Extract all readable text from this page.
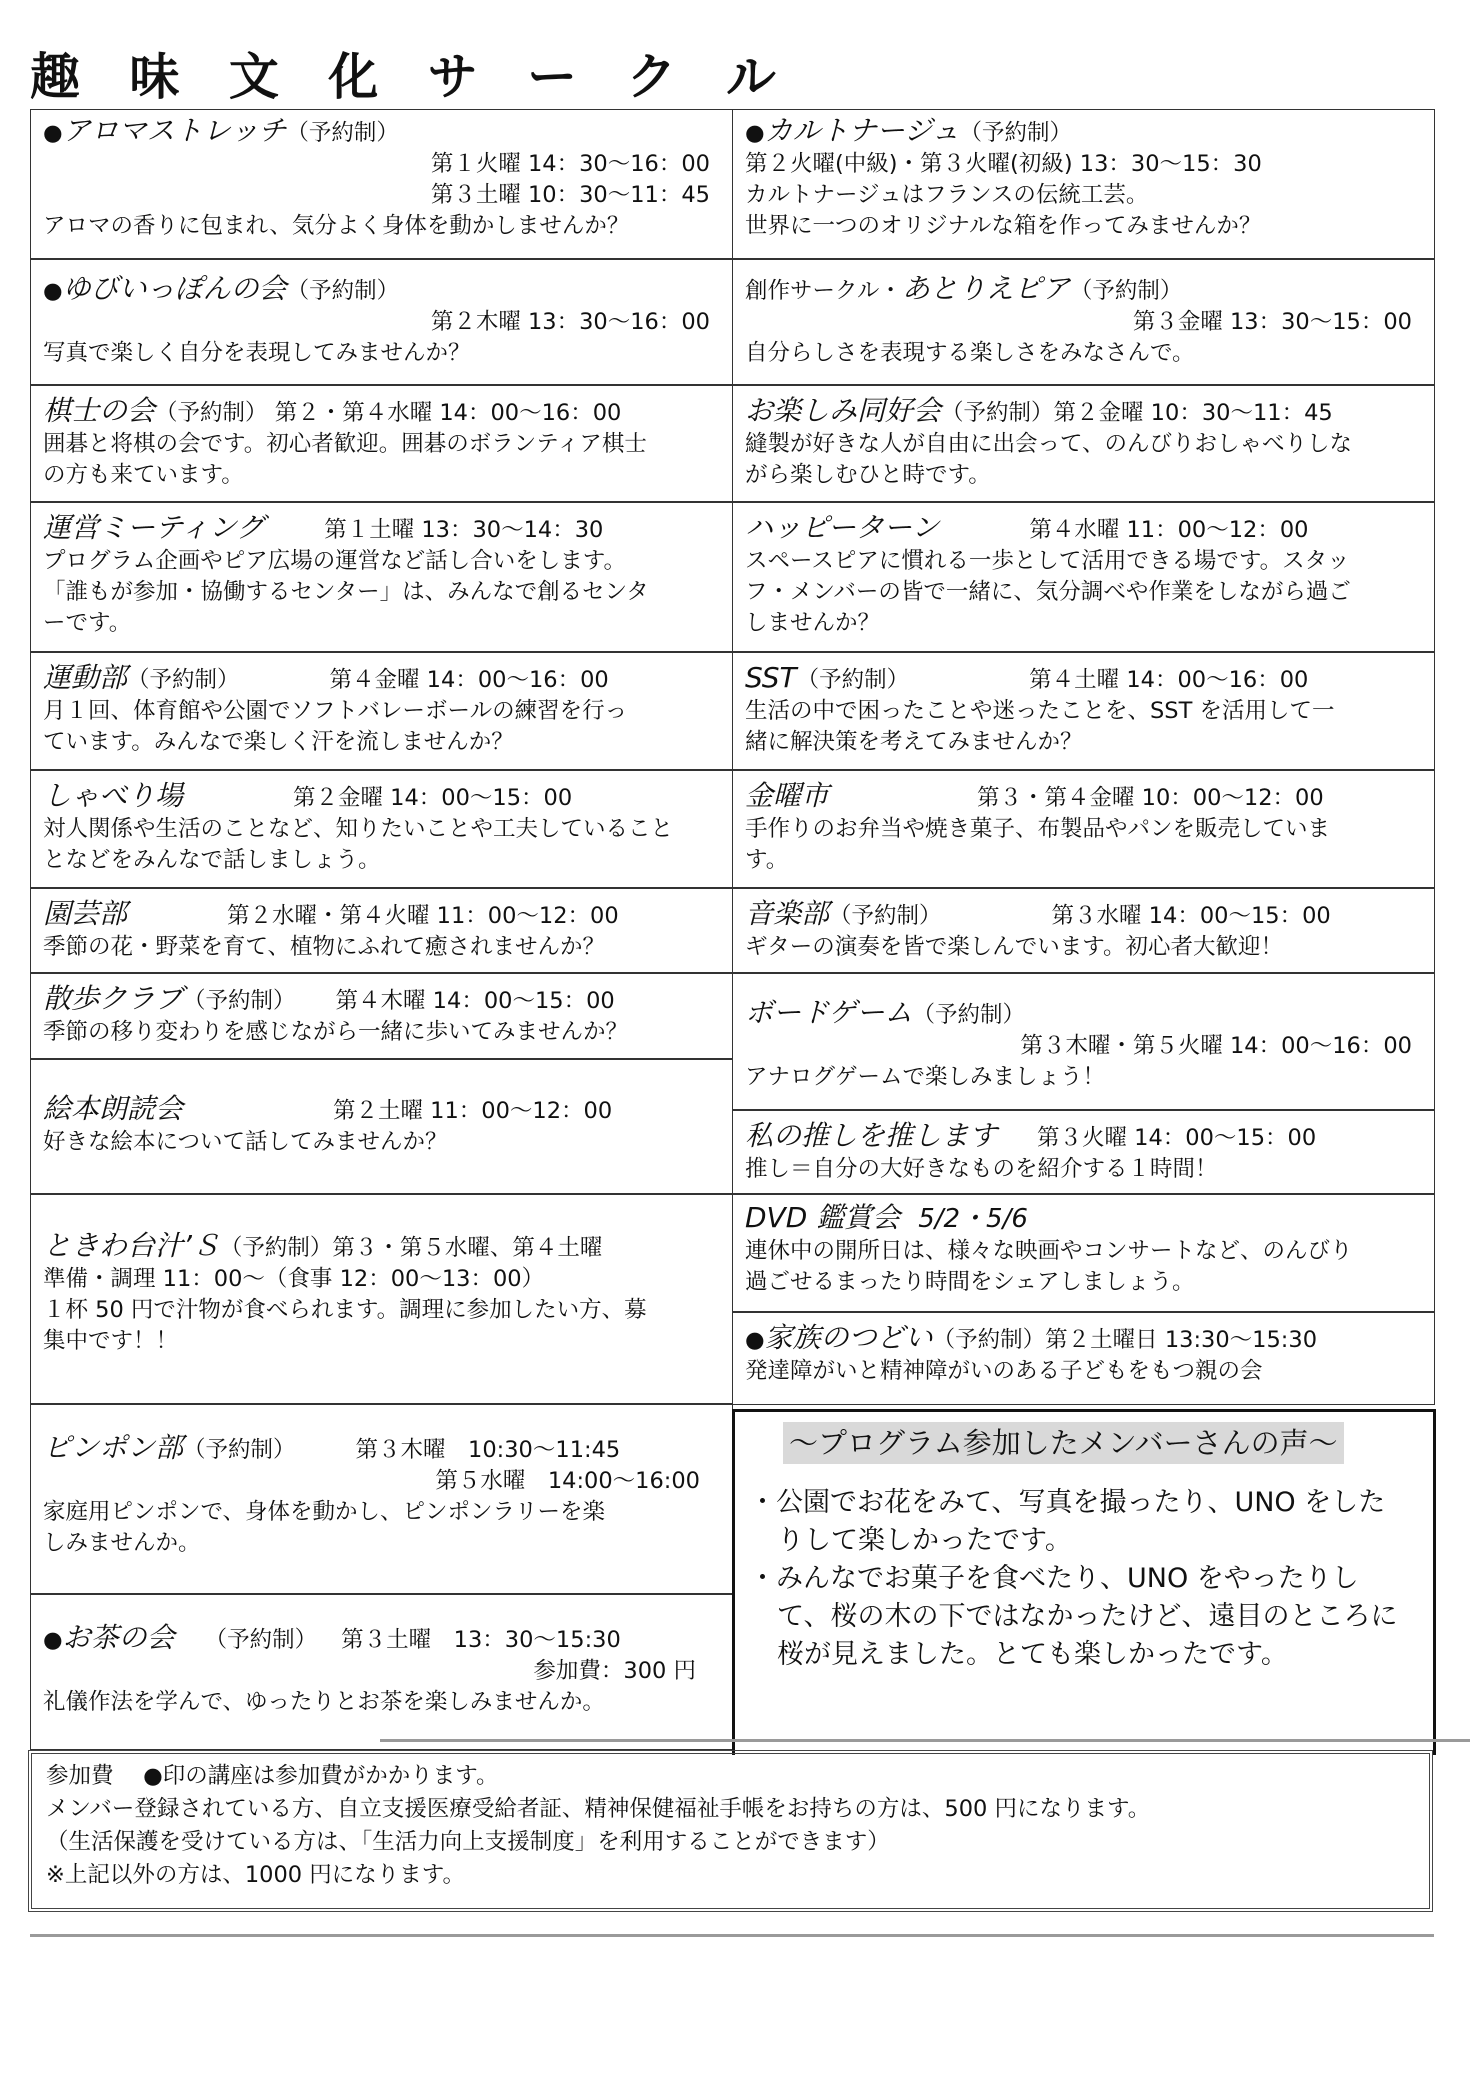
趣 味 文 化 サ ー ク ル
●アロマストレッチ（予約制）
第１火曜 14：30～16：00
第３土曜 10：30～11：45
アロマの香りに包まれ、気分よく身体を動かしませんか？
●ゆびいっぽんの会（予約制）
第２木曜 13：30～16：00
写真で楽しく自分を表現してみませんか？
棋士の会（予約制） 第２・第４水曜 14：00～16：00
囲碁と将棋の会です。初心者歓迎。囲碁のボランティア棋士
の方も来ています。
運営ミーティング	第１土曜 13：30～14：30
プログラム企画やピア広場の運営など話し合いをします。
「誰もが参加・協働するセンター」は、みんなで創るセンタ
ーです。
運動部（予約制）	第４金曜 14：00～16：00
月１回、体育館や公園でソフトバレーボールの練習を行っ
ています。みんなで楽しく汗を流しませんか？
しゃべり場	第２金曜 14：00～15：00
対人関係や生活のことなど、知りたいことや工夫していること
となどをみんなで話しましょう。
園芸部	第２水曜・第４火曜 11：00～12：00
季節の花・野菜を育て、植物にふれて癒されませんか？
散歩クラブ（予約制） 第４木曜 14：00～15：00
季節の移り変わりを感じながら一緒に歩いてみませんか？
絵本朗読会	第２土曜 11：00～12：00
好きな絵本について話してみませんか？
ときわ台汁’Ｓ（予約制）第３・第５水曜、第４土曜
準備・調理 11：00～（食事 12：00～13：00）
１杯 50 円で汁物が食べられます。調理に参加したい方、募
集中です！！
ピンポン部（予約制）	第３木曜　10:30～11:45
第５水曜　14:00～16:00
家庭用ピンポンで、身体を動かし、ピンポンラリーを楽
しみませんか。
●お茶の会 （予約制） 第３土曜　13：30～15:30
参加費：300 円
礼儀作法を学んで、ゆったりとお茶を楽しみませんか。
●カルトナージュ（予約制）
第２火曜(中級)・第３火曜(初級) 13：30～15：30
カルトナージュはフランスの伝統工芸。
世界に一つのオリジナルな箱を作ってみませんか？
創作サークル・あとりえピア（予約制）
第３金曜 13：30～15：00
自分らしさを表現する楽しさをみなさんで。
お楽しみ同好会（予約制）第２金曜 10：30～11：45
縫製が好きな人が自由に出会って、のんびりおしゃべりしな
がら楽しむひと時です。
ハッピーターン	第４水曜 11：00～12：00
スペースピアに慣れる一歩として活用できる場です。スタッ
フ・メンバーの皆で一緒に、気分調べや作業をしながら過ご
しませんか？
SST（予約制）	第４土曜 14：00～16：00
生活の中で困ったことや迷ったことを、SST を活用して一
緒に解決策を考えてみませんか？
金曜市	第３・第４金曜 10：00～12：00
手作りのお弁当や焼き菓子、布製品やパンを販売していま
す。
音楽部（予約制）	第３水曜 14：00～15：00
ギターの演奏を皆で楽しんでいます。初心者大歓迎！
ボードゲーム（予約制）
第３木曜・第５火曜 14：00～16：00
アナログゲームで楽しみましょう！
私の推しを推します 第３火曜 14：00～15：00
推し＝自分の大好きなものを紹介する１時間！
DVD 鑑賞会 5/2・5/6
連休中の開所日は、様々な映画やコンサートなど、のんびり
過ごせるまったり時間をシェアしましょう。
●家族のつどい（予約制）第２土曜日 13:30～15:30
発達障がいと精神障がいのある子どもをもつ親の会
～プログラム参加したメンバーさんの声～

・公園でお花をみて、写真を撮ったり、UNO をしたりして楽しかったです。

・みんなでお菓子を食べたり、UNO をやったりして、桜の木の下ではなかったけど、遠目のところに桜が見えました。とても楽しかったです。

参加費　 ●印の講座は参加費がかかります。
メンバー登録されている方、自立支援医療受給者証、精神保健福祉手帳をお持ちの方は、500 円になります。
（生活保護を受けている方は、「生活力向上支援制度」を利用することができます）
※上記以外の方は、1000 円になります。
